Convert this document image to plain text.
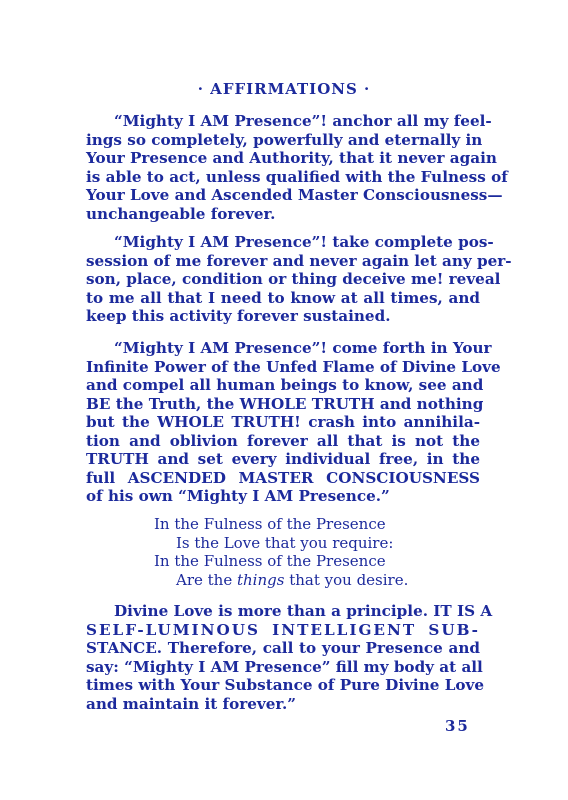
· AFFIRMATIONS ·
“Mighty I AM Presence”! anchor all my feel-
ings so completely, powerfully and eternally in
Your Presence and Authority, that it never again
is able to act, unless qualified with the Fulness of
Your Love and Ascended Master Consciousness—
unchangeable forever.
“Mighty I AM Presence”! take complete pos-
session of me forever and never again let any per-
son, place, condition or thing deceive me! reveal
to me all that I need to know at all times, and
keep this activity forever sustained.
“Mighty I AM Presence”! come forth in Your
Infinite Power of the Unfed Flame of Divine Love
and compel all human beings to know, see and
BE the Truth, the WHOLE TRUTH and nothing
but the WHOLE TRUTH! crash into annihila-
tion and oblivion forever all that is not the
TRUTH and set every individual free, in the
full ASCENDED MASTER CONSCIOUSNESS
of his own “Mighty I AM Presence.”
In the Fulness of the Presence
Is the Love that you require:
In the Fulness of the Presence
Are the things that you desire.
Divine Love is more than a principle. IT IS A
SELF-LUMINOUS INTELLIGENT SUB-
STANCE. Therefore, call to your Presence and
say: “Mighty I AM Presence” fill my body at all
times with Your Substance of Pure Divine Love
and maintain it forever.”
35
